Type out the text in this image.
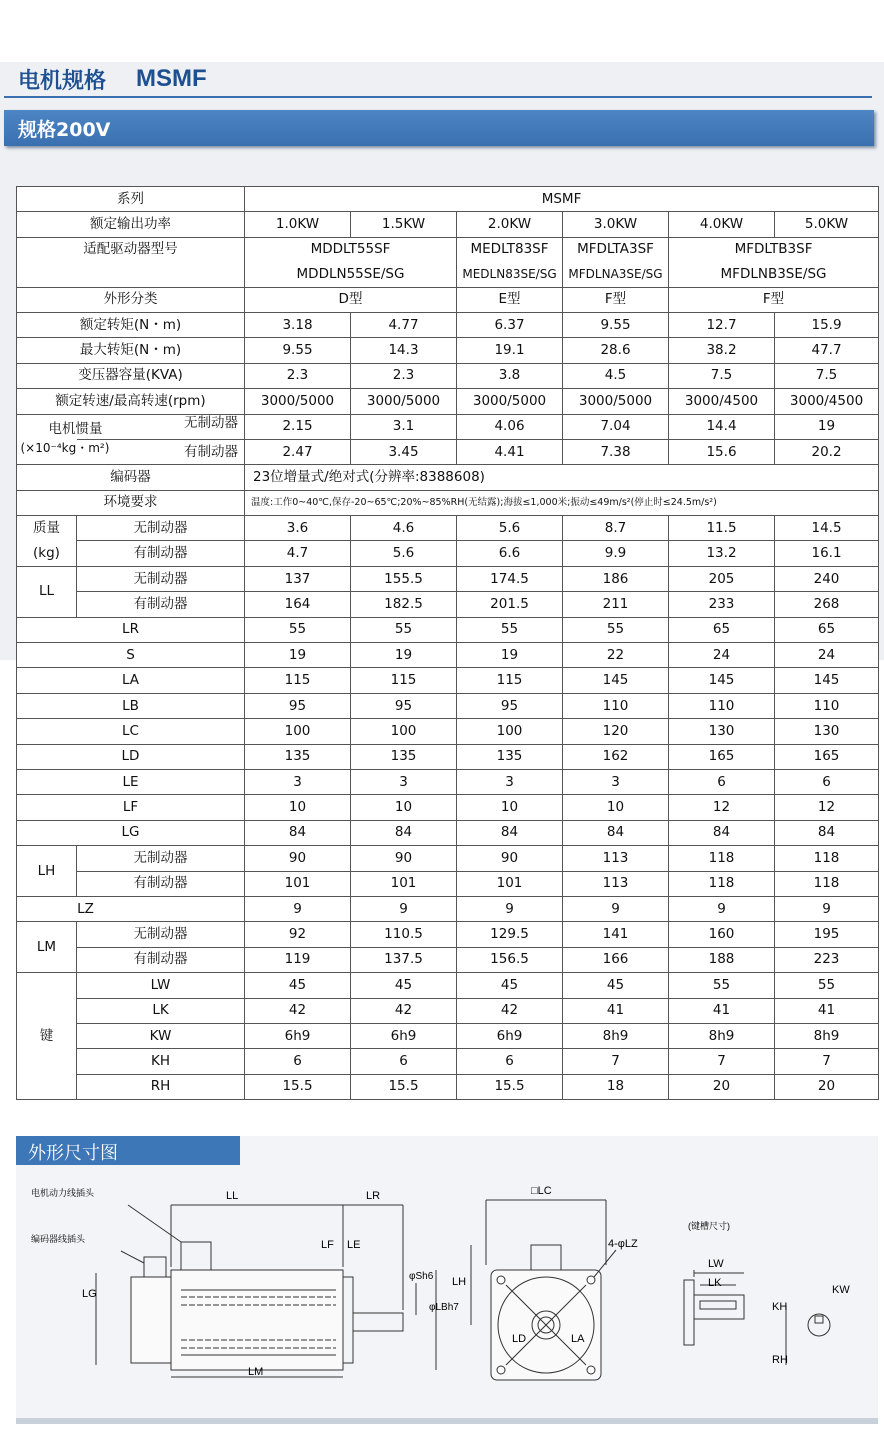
电机规格 MSMF
规格200V
系列		MSMF					
额定输出功率		1.0KW	1.5KW	2.0KW	3.0KW	4.0KW	5.0KW
适配驱动器型号		MDDLT55SF		MEDLT83SF	MFDLTA3SF	MFDLTB3SF	
		MDDLN55SE/SG		MEDLN83SE/SG	MFDLNA3SE/SG	MFDLNB3SE/SG	
外形分类		D型		E型	F型	F型	
额定转矩(N・m)		3.18	4.77	6.37	9.55	12.7	15.9
最大转矩(N・m)		9.55	14.3	19.1	28.6	38.2	47.7
变压器容量(KVA)		2.3	2.3	3.8	4.5	7.5	7.5
额定转速/最高转速(rpm)		3000/5000	3000/5000	3000/5000	3000/5000	3000/4500	3000/4500

	电机惯量 无制动器	2.15	3.1	4.06	7.04	14.4	19

	(×10⁻⁴kg・m²) 有制动器	2.47	3.45	4.41	7.38	15.6	20.2
编码器		23位增量式/绝对式(分辨率:8388608)					
环境要求		温度:工作0~40℃,保存-20~65℃;20%~85%RH(无结露);海拔≤1,000米;振动≤49m/s²(停止时≤24.5m/s²)					
质量	无制动器	3.6	4.6	5.6	8.7	11.5	14.5
(kg)	有制动器	4.7	5.6	6.6	9.9	13.2	16.1
LL	无制动器	137	155.5	174.5	186	205	240
	有制动器	164	182.5	201.5	211	233	268
LR		55	55	55	55	65	65
S		19	19	19	22	24	24
LA		115	115	115	145	145	145
LB		95	95	95	110	110	110
LC		100	100	100	120	130	130
LD		135	135	135	162	165	165
LE		3	3	3	3	6	6
LF		10	10	10	10	12	12
LG		84	84	84	84	84	84
LH	无制动器	90	90	90	113	118	118
	有制动器	101	101	101	113	118	118
LZ		9	9	9	9	9	9
LM	无制动器	92	110.5	129.5	141	160	195
	有制动器	119	137.5	156.5	166	188	223
键	LW	45	45	45	45	55	55
	LK	42	42	42	41	41	41
	KW	6h9	6h9	6h9	8h9	8h9	8h9
	KH	6	6	6	7	7	7
	RH	15.5	15.5	15.5	18	20	20
外形尺寸图
电机动力线插头
编码器线插头
LL	LR
LF LE
LG
LM
φSh6
φLBh7
□LC
LH
4-φLZ
LD	LA
(键槽尺寸)
LW
LK
KH
KW
RH
